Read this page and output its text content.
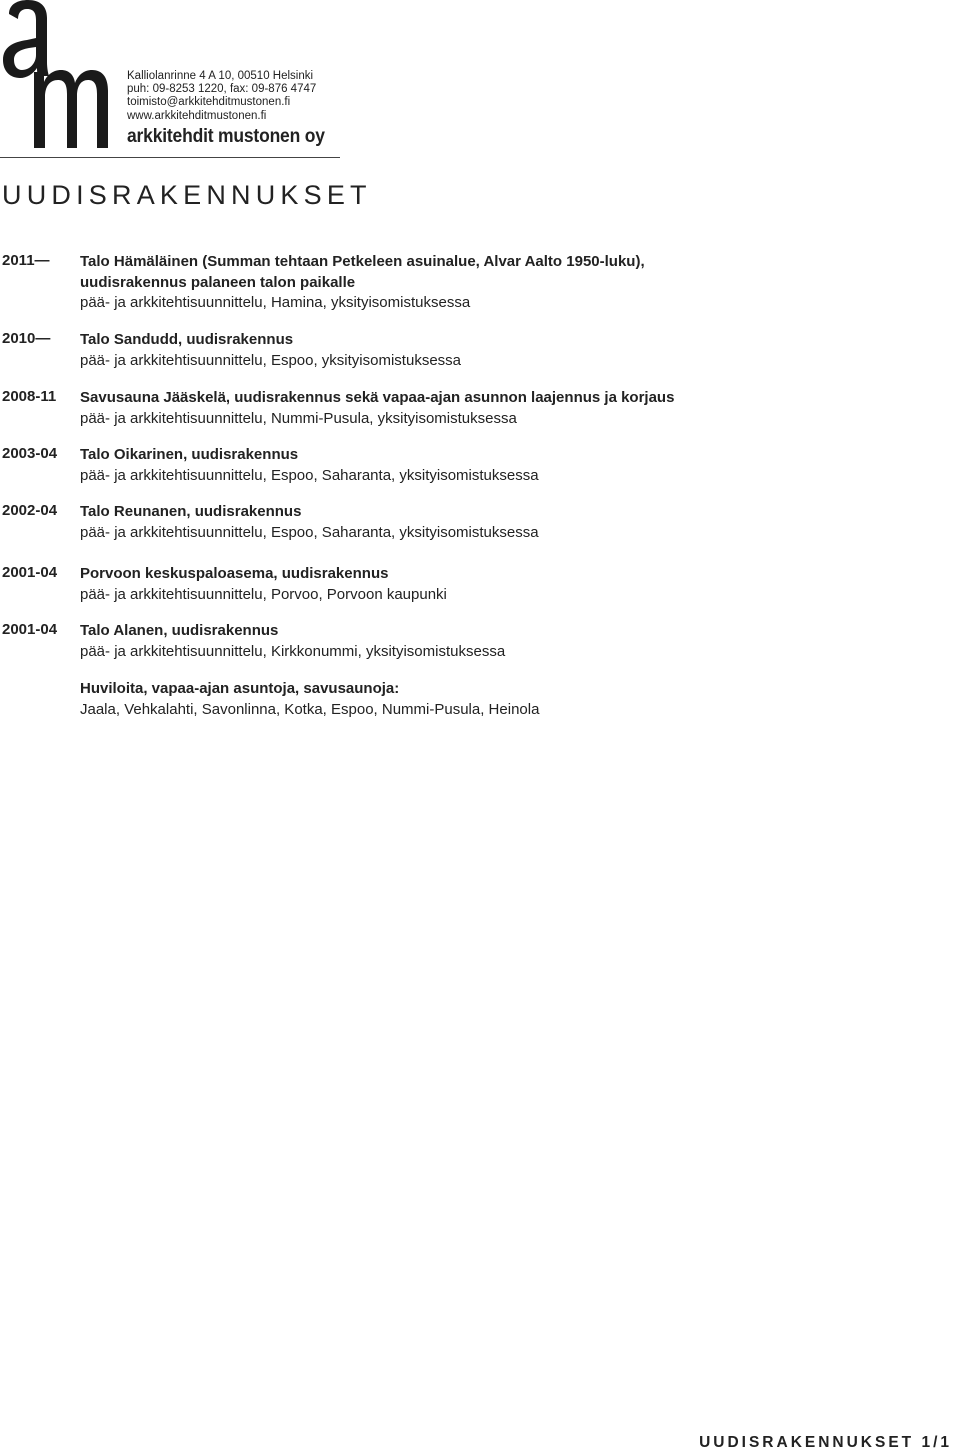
Kalliolanrinne 4 A 10, 00510 Helsinki
puh: 09-8253 1220, fax: 09-876 4747
toimisto@arkkitehditmustonen.fi
www.arkkitehditmustonen.fi
arkkitehdit mustonen oy
UUDISRAKENNUKSET
2011— Talo Hämäläinen (Summan tehtaan Petkeleen asuinalue, Alvar Aalto 1950-luku),
uudisrakennus palaneen talon paikalle
pää- ja arkkitehtisuunnittelu, Hamina, yksityisomistuksessa
2010— Talo Sandudd, uudisrakennus
pää- ja arkkitehtisuunnittelu, Espoo, yksityisomistuksessa
2008-11 Savusauna Jääskelä, uudisrakennus sekä vapaa-ajan asunnon laajennus ja korjaus
pää- ja arkkitehtisuunnittelu, Nummi-Pusula, yksityisomistuksessa
2003-04 Talo Oikarinen, uudisrakennus
pää- ja arkkitehtisuunnittelu, Espoo, Saharanta, yksityisomistuksessa
2002-04 Talo Reunanen, uudisrakennus
pää- ja arkkitehtisuunnittelu, Espoo, Saharanta, yksityisomistuksessa
2001-04 Porvoon keskuspaloasema, uudisrakennus
pää- ja arkkitehtisuunnittelu, Porvoo, Porvoon kaupunki
2001-04 Talo Alanen, uudisrakennus
pää- ja arkkitehtisuunnittelu, Kirkkonummi, yksityisomistuksessa
Huviloita, vapaa-ajan asuntoja, savusaunoja:
Jaala, Vehkalahti, Savonlinna, Kotka, Espoo, Nummi-Pusula, Heinola
UUDISRAKENNUKSET 1/1
